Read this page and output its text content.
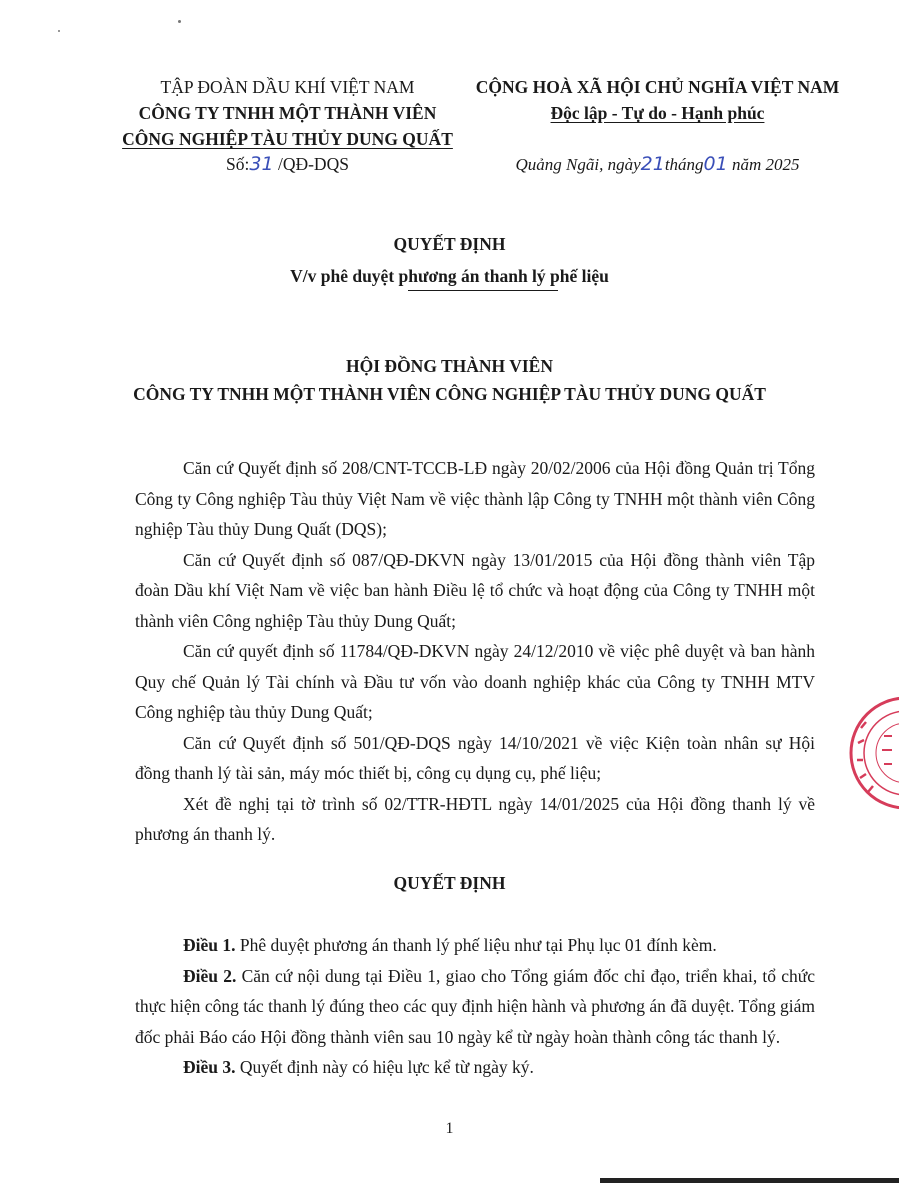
TẬP ĐOÀN DẦU KHÍ VIỆT NAM
CÔNG TY TNHH MỘT THÀNH VIÊN
CÔNG NGHIỆP TÀU THỦY DUNG QUẤT
Số:31 /QĐ-DQS
CỘNG HOÀ XÃ HỘI CHỦ NGHĨA VIỆT NAM
Độc lập - Tự do - Hạnh phúc
Quảng Ngãi, ngày21tháng01 năm 2025
QUYẾT ĐỊNH
V/v phê duyệt phương án thanh lý phế liệu
HỘI ĐỒNG THÀNH VIÊN
CÔNG TY TNHH MỘT THÀNH VIÊN CÔNG NGHIỆP TÀU THỦY DUNG QUẤT

Căn cứ Quyết định số 208/CNT-TCCB-LĐ ngày 20/02/2006 của Hội đồng Quản trị Tổng Công ty Công nghiệp Tàu thủy Việt Nam về việc thành lập Công ty TNHH một thành viên Công nghiệp Tàu thủy Dung Quất (DQS);

Căn cứ Quyết định số 087/QĐ-DKVN ngày 13/01/2015 của Hội đồng thành viên Tập đoàn Dầu khí Việt Nam về việc ban hành Điều lệ tổ chức và hoạt động của Công ty TNHH một thành viên Công nghiệp Tàu thủy Dung Quất;

Căn cứ quyết định số 11784/QĐ-DKVN ngày 24/12/2010 về việc phê duyệt và ban hành Quy chế Quản lý Tài chính và Đầu tư vốn vào doanh nghiệp khác của Công ty TNHH MTV Công nghiệp tàu thủy Dung Quất;

Căn cứ Quyết định số 501/QĐ-DQS ngày 14/10/2021 về việc Kiện toàn nhân sự Hội đồng thanh lý tài sản, máy móc thiết bị, công cụ dụng cụ, phế liệu;

Xét đề nghị tại tờ trình số 02/TTR-HĐTL ngày 14/01/2025 của Hội đồng thanh lý về phương án thanh lý.

QUYẾT ĐỊNH

Điều 1. Phê duyệt phương án thanh lý phế liệu như tại Phụ lục 01 đính kèm.

Điều 2. Căn cứ nội dung tại Điều 1, giao cho Tổng giám đốc chỉ đạo, triển khai, tổ chức thực hiện công tác thanh lý đúng theo các quy định hiện hành và phương án đã duyệt. Tổng giám đốc phải Báo cáo Hội đồng thành viên sau 10 ngày kể từ ngày hoàn thành công tác thanh lý.

Điều 3. Quyết định này có hiệu lực kể từ ngày ký.

1
